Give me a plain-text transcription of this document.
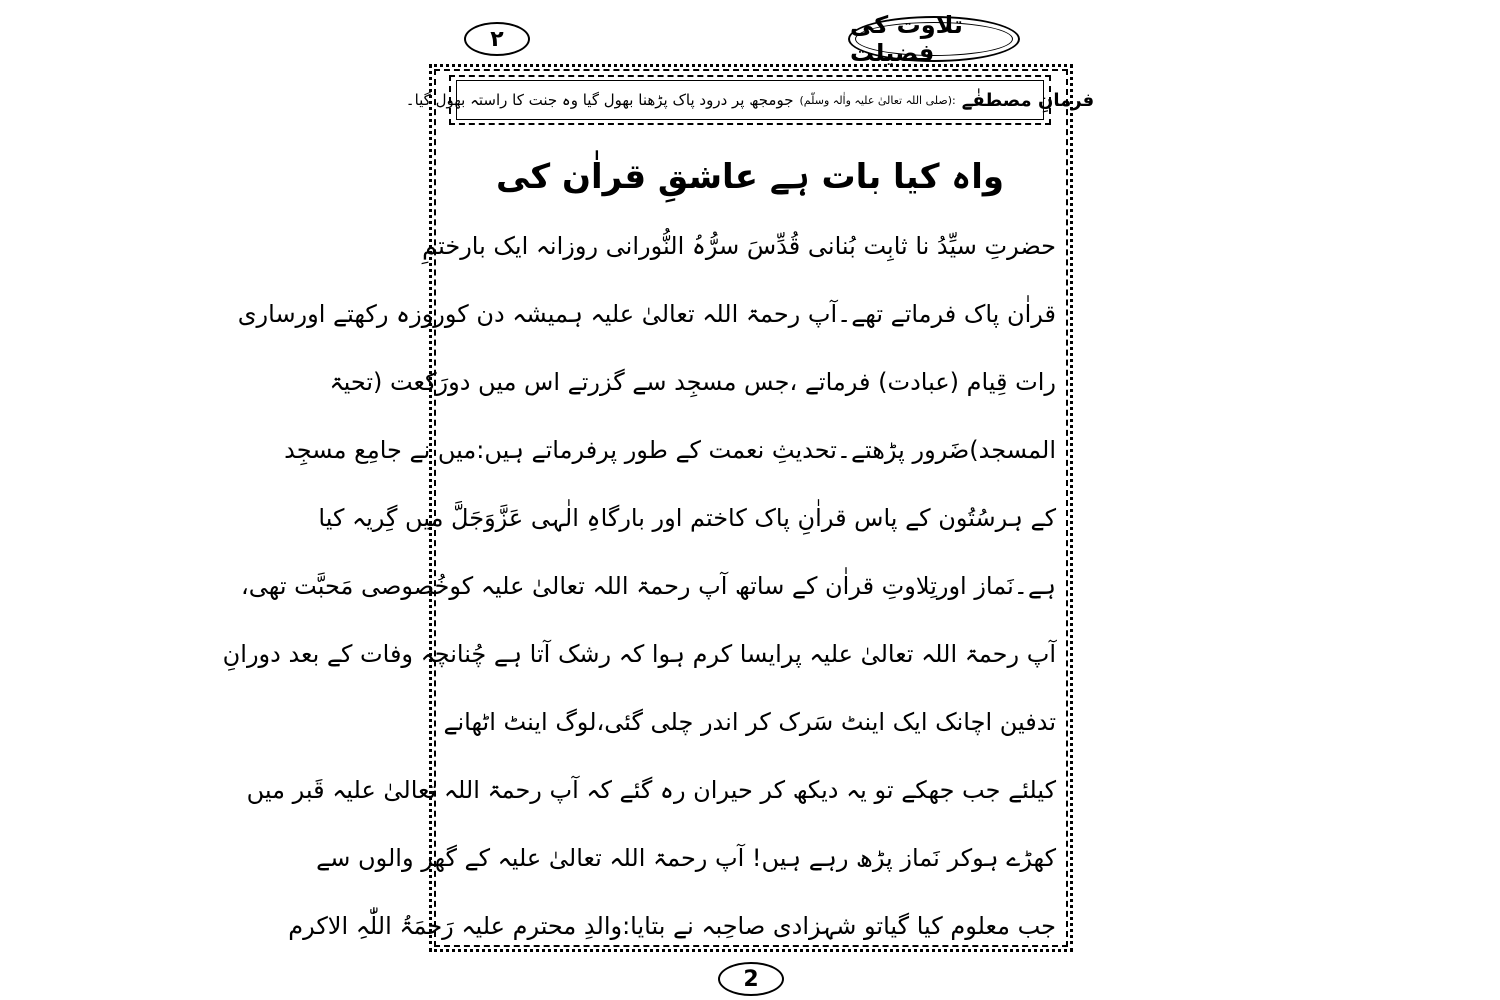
تلاوت کی فضیلت
۲
فرمانِ مصطفٰے
:(صلی اللہ تعالیٰ علیہ واٰلہ وسلّم)
جومجھ پر درود پاک پڑھنا بھول گیا وہ جنت کا راستہ بھول گیا۔
واہ کیا بات ہے عاشقِ قراٰن کی
حضرتِ سیِّدُ نا ثابِت بُنانی قُدِّسَ سرُّہُ النُّورانی روزانہ ایک بارختمِ
قراٰن پاک فرماتے تھے۔آپ رحمۃ اللہ تعالیٰ علیہ ہمیشہ دن کوروزہ رکھتے اورساری
رات قِیام (عبادت) فرماتے ،جس مسجِد سے گزرتے اس میں دورَکعت (تحیۃ
المسجد)ضَرور پڑھتے۔تحدیثِ نعمت کے طور پرفرماتے ہیں:میں نے جامِع مسجِد
کے ہرسُتُون کے پاس قراٰنِ پاک کاختم اور بارگاہِ الٰہی عَزَّوَجَلَّ میں گِریہ کیا
ہے۔نَماز اورتِلاوتِ قراٰن کے ساتھ آپ رحمۃ اللہ تعالیٰ علیہ کوخُصوصی مَحبَّت تھی،
آپ رحمۃ اللہ تعالیٰ علیہ پرایسا کرم ہوا کہ رشک آتا ہے چُنانچہ وفات کے بعد دورانِ
تدفین اچانک ایک اینٹ سَرک کر اندر چلی گئی،لوگ اینٹ اٹھانے
کیلئے جب جھکے تو یہ دیکھ کر حیران رہ گئے کہ آپ رحمۃ اللہ تعالیٰ علیہ قَبر میں
کھڑے ہوکر نَماز پڑھ رہے ہیں! آپ رحمۃ اللہ تعالیٰ علیہ کے گھر والوں سے
جب معلوم کیا گیاتو شہزادی صاحِبہ نے بتایا:والدِ محترم علیہ رَحمَۃُ اللّٰہِ الاکرم
2
